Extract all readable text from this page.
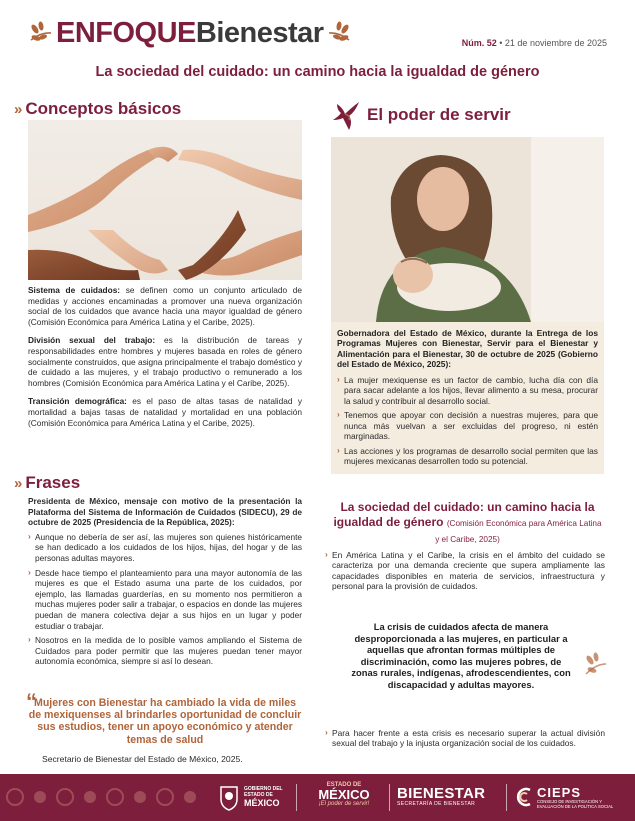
ENFOQUEBienestar	Núm. 52 • 21 de noviembre de 2025
La sociedad del cuidado: un camino hacia la igualdad de género
» Conceptos básicos

Sistema de cuidados: se definen como un conjunto articulado de medidas y acciones encaminadas a promover una nueva organización social de los cuidados que avance hacia una mayor igualdad de género (Comisión Económica para América Latina y el Caribe, 2025).

División sexual del trabajo: es la distribución de tareas y responsabilidades entre hombres y mujeres basada en roles de género socialmente construidos, que asigna principalmente el trabajo doméstico y de cuidado a las mujeres, y el trabajo productivo o remunerado a los hombres (Comisión Económica para América Latina y el Caribe, 2025).

Transición demográfica: es el paso de altas tasas de natalidad y mortalidad a bajas tasas de natalidad y mortalidad en una población (Comisión Económica para América Latina y el Caribe, 2025).

» Frases

Presidenta de México, mensaje con motivo de la presentación la Plataforma del Sistema de Información de Cuidados (SIDECU), 29 de octubre de 2025 (Presidencia de la República, 2025):

› Aunque no debería de ser así, las mujeres son quienes históricamente se han dedicado a los cuidados de los hijos, hijas, del hogar y de las personas adultas mayores.
› Desde hace tiempo el planteamiento para una mayor autonomía de las mujeres es que el Estado asuma una parte de los cuidados, por ejemplo, las llamadas guarderías, en su momento nos permitieron a muchas mujeres poder salir a trabajar, o espacios en donde las mujeres puedan de manera colectiva dejar a sus hijos en un lugar y poder estudiar o trabajar.
› Nosotros en la medida de lo posible vamos ampliando el Sistema de Cuidados para poder permitir que las mujeres puedan tener mayor autonomía económica, siempre si así lo desean.
“

Mujeres con Bienestar ha cambiado la vida de miles de mexiquenses al brindarles oportunidad de concluir sus estudios, tener un apoyo económico y atender temas de salud

Secretario de Bienestar del Estado de México, 2025.

El poder de servir

Gobernadora del Estado de México, durante la Entrega de los Programas Mujeres con Bienestar, Servir para el Bienestar y Alimentación para el Bienestar, 30 de octubre de 2025 (Gobierno del Estado de México, 2025):

› La mujer mexiquense es un factor de cambio, lucha día con día para sacar adelante a los hijos, llevar alimento a su mesa, procurar la salud y contribuir al desarrollo social.
› Tenemos que apoyar con decisión a nuestras mujeres, para que nunca más vuelvan a ser excluidas del progreso, ni estén marginadas.
› Las acciones y los programas de desarrollo social permiten que las mujeres mexicanas desarrollen todo su potencial.
La sociedad del cuidado: un camino hacia la igualdad de género (Comisión Económica para América Latina y el Caribe, 2025)
› En América Latina y el Caribe, la crisis en el ámbito del cuidado se caracteriza por una demanda creciente que supera ampliamente las capacidades disponibles en materia de servicios, infraestructura y personal para la provisión de cuidados.
La crisis de cuidados afecta de manera desproporcionada a las mujeres, en particular a aquellas que afrontan formas múltiples de discriminación, como las mujeres pobres, de zonas rurales, indígenas, afrodescendientes, con discapacidad y adultas mayores.
› Para hacer frente a esta crisis es necesario superar la actual división sexual del trabajo y la injusta organización social de los cuidados.
GOBIERNO DEL
ESTADO DE
MÉXICO
ESTADO DE
MÉXICO
¡El poder de servir!
BIENESTAR
SECRETARÍA DE BIENESTAR
CIEPS
CONSEJO DE INVESTIGACIÓN Y
EVALUACIÓN DE LA POLÍTICA SOCIAL
